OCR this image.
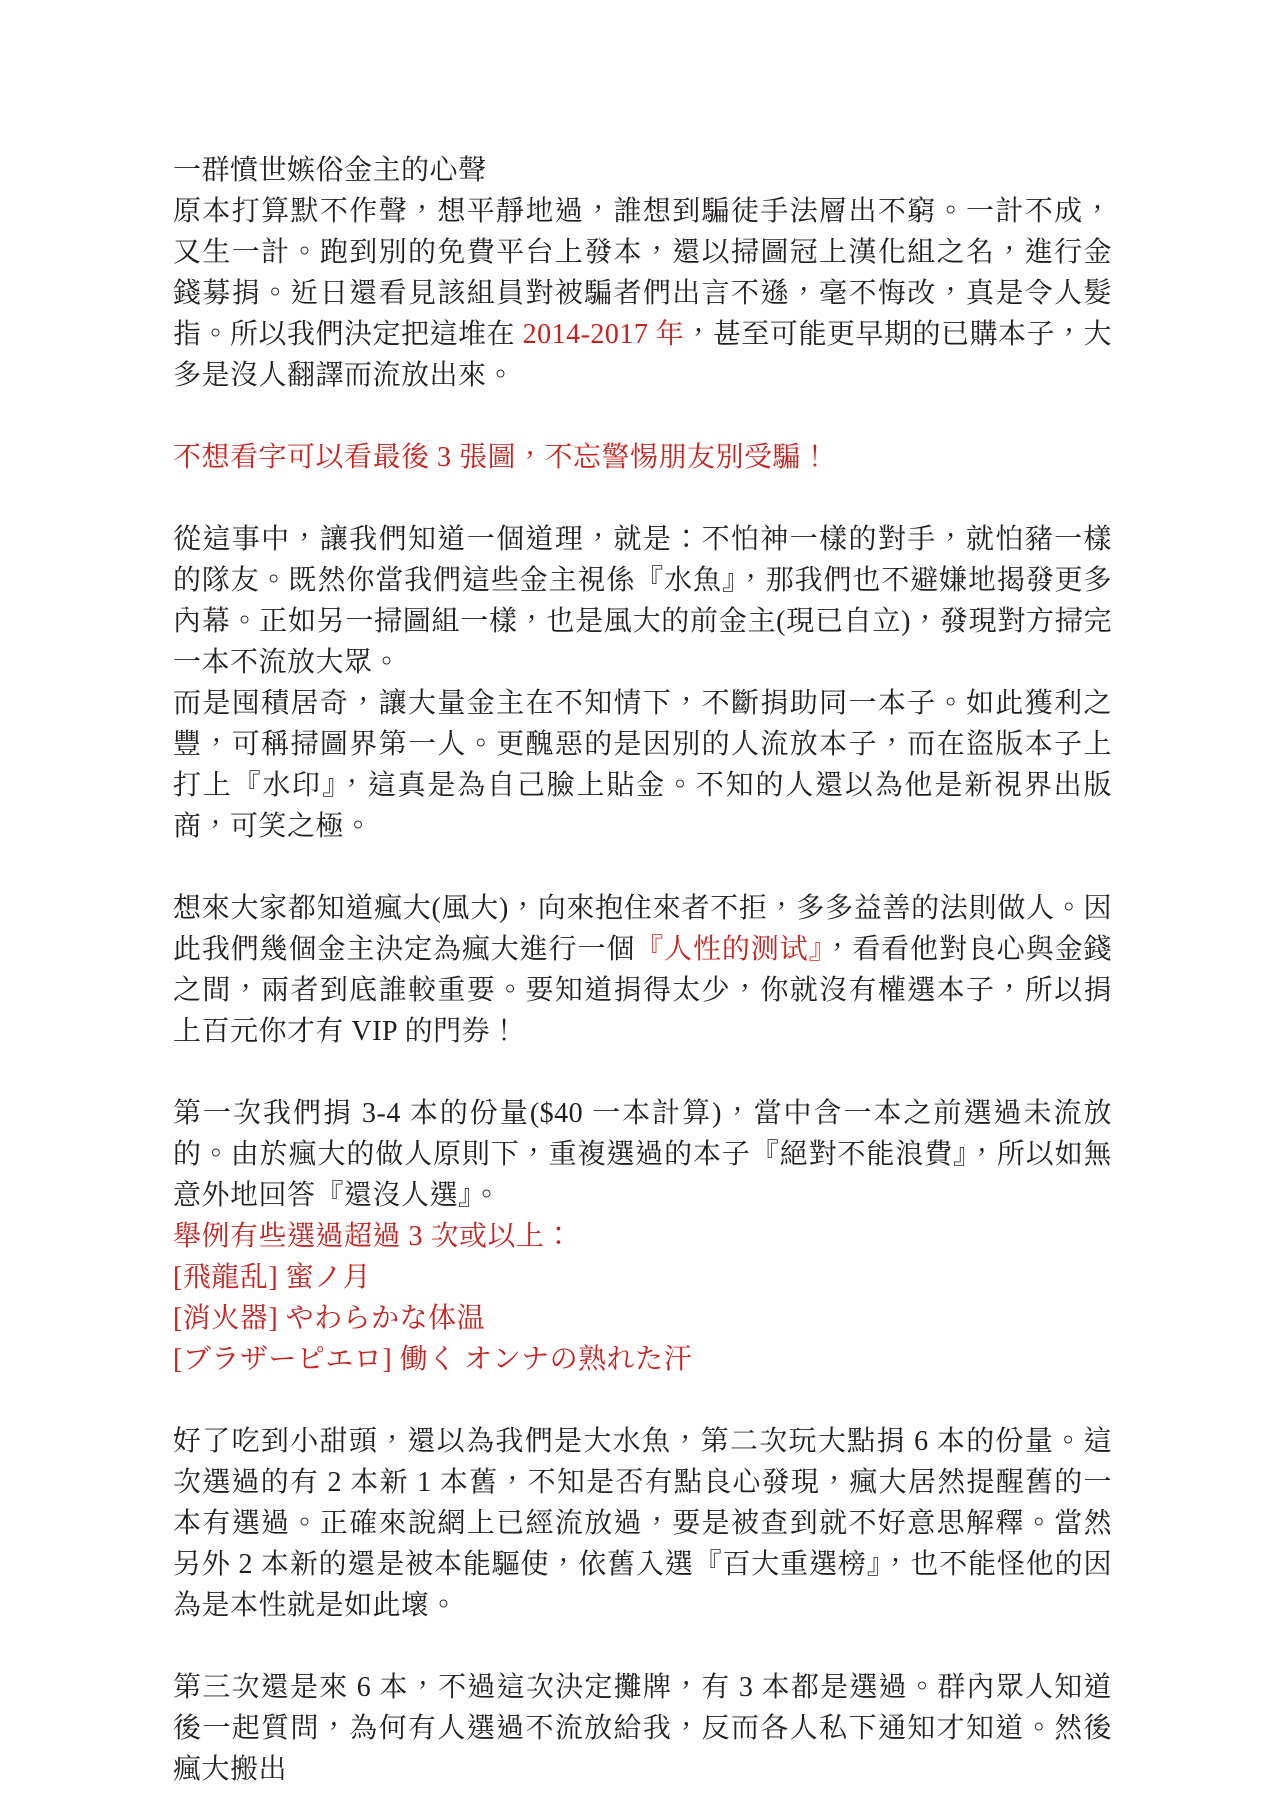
一群憤世嫉俗金主的心聲
原本打算默不作聲，想平靜地過，誰想到騙徒手法層出不窮。一計不成，又生一計。跑到別的免費平台上發本，還以掃圖冠上漢化組之名，進行金錢募捐。近日還看見該組員對被騙者們出言不遜，毫不悔改，真是令人髮指。所以我們決定把這堆在 2014-2017 年，甚至可能更早期的已購本子，大多是沒人翻譯而流放出來。
不想看字可以看最後 3 張圖，不忘警惕朋友別受騙！
從這事中，讓我們知道一個道理，就是：不怕神一樣的對手，就怕豬一樣的隊友。既然你當我們這些金主視係『水魚』，那我們也不避嫌地揭發更多內幕。正如另一掃圖組一樣，也是風大的前金主(現已自立)，發現對方掃完一本不流放大眾。
而是囤積居奇，讓大量金主在不知情下，不斷捐助同一本子。如此獲利之豐，可稱掃圖界第一人。更醜惡的是因別的人流放本子，而在盜版本子上打上『水印』，這真是為自己臉上貼金。不知的人還以為他是新視界出版商，可笑之極。
想來大家都知道瘋大(風大)，向來抱住來者不拒，多多益善的法則做人。因此我們幾個金主決定為瘋大進行一個『人性的测试』，看看他對良心與金錢之間，兩者到底誰較重要。要知道捐得太少，你就沒有權選本子，所以捐上百元你才有 VIP 的門券！
第一次我們捐 3-4 本的份量($40 一本計算)，當中含一本之前選過未流放的。由於瘋大的做人原則下，重複選過的本子『絕對不能浪費』，所以如無意外地回答『還沒人選』。
舉例有些選過超過 3 次或以上：
[飛龍乱] 蜜ノ月
[消火器] やわらかな体温
[ブラザーピエロ] 働く オンナの熟れた汗
好了吃到小甜頭，還以為我們是大水魚，第二次玩大點捐 6 本的份量。這次選過的有 2 本新 1 本舊，不知是否有點良心發現，瘋大居然提醒舊的一本有選過。正確來說網上已經流放過，要是被查到就不好意思解釋。當然另外 2 本新的還是被本能驅使，依舊入選『百大重選榜』，也不能怪他的因為是本性就是如此壞。
第三次還是來 6 本，不過這次決定攤牌，有 3 本都是選過。群內眾人知道後一起質問，為何有人選過不流放給我，反而各人私下通知才知道。然後瘋大搬出
